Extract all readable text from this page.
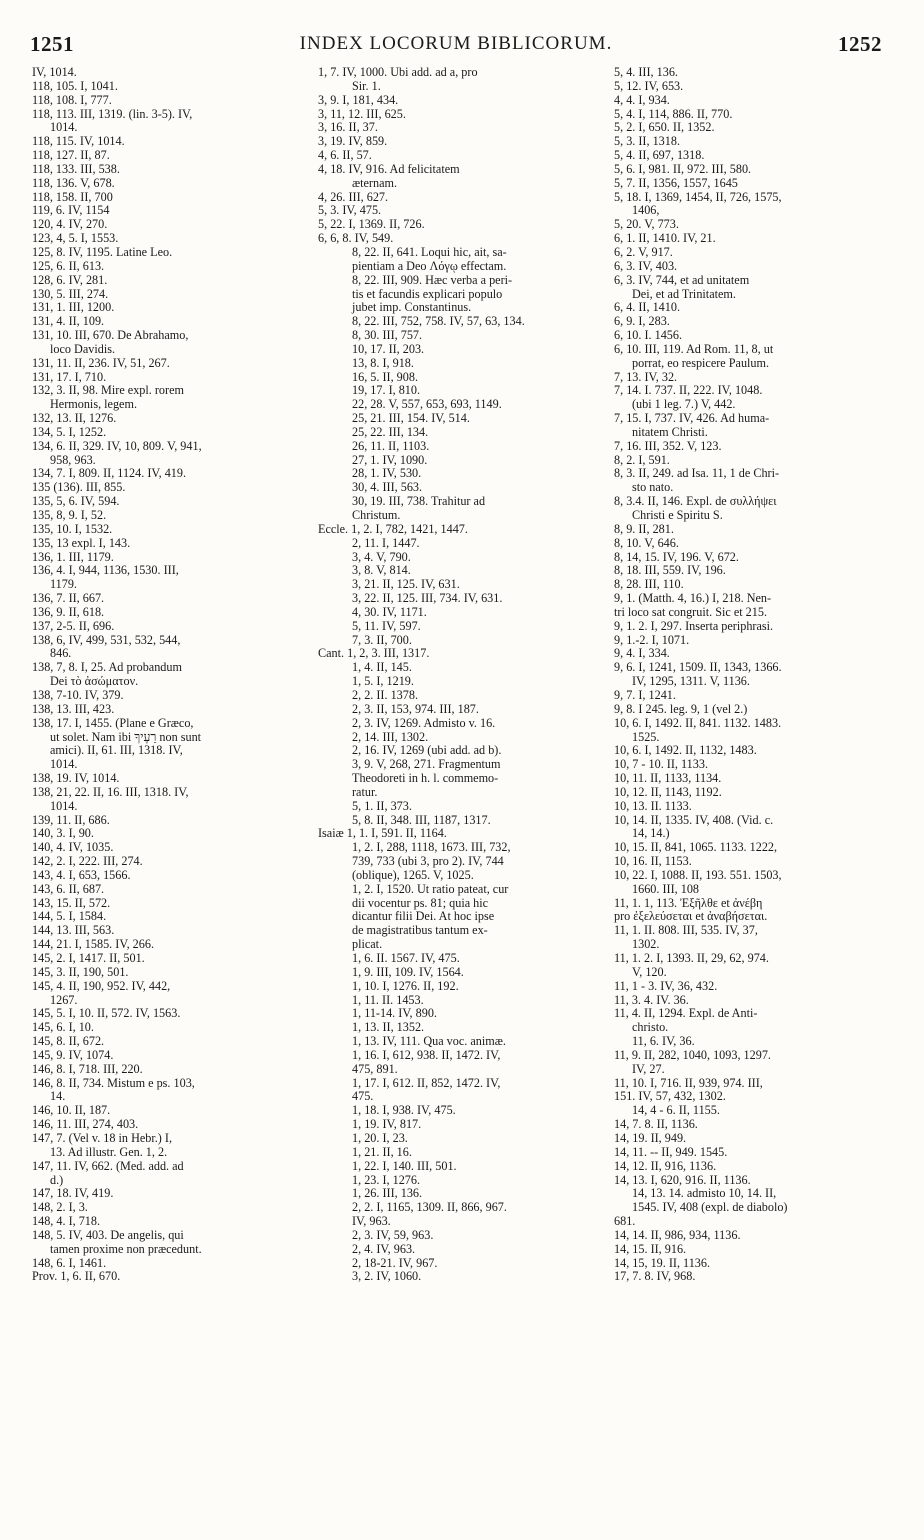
1251	INDEX LOCORUM BIBLICORUM.	1252
IV, 1014.
118, 105. I, 1041.
118, 108. I, 777.
118, 113. III, 1319. (lin. 3-5). IV,
1014.
118, 115. IV, 1014.
118, 127. II, 87.
118, 133. III, 538.
118, 136. V, 678.
118, 158. II, 700
119, 6. IV, 1154
120, 4. IV, 270.
123, 4, 5. I, 1553.
125, 8. IV, 1195. Latine Leo.
125, 6. II, 613.
128, 6. IV, 281.
130, 5. III, 274.
131, 1. III, 1200.
131, 4. II, 109.
131, 10. III, 670. De Abrahamo,
loco Davidis.
131, 11. II, 236. IV, 51, 267.
131, 17. I, 710.
132, 3. II, 98. Mire expl. rorem
Hermonis, legem.
132, 13. II, 1276.
134, 5. I, 1252.
134, 6. II, 329. IV, 10, 809. V, 941,
958, 963.
134, 7. I, 809. II, 1124. IV, 419.
135 (136). III, 855.
135, 5, 6. IV, 594.
135, 8, 9. I, 52.
135, 10. I, 1532.
135, 13 expl. I, 143.
136, 1. III, 1179.
136, 4. I, 944, 1136, 1530. III,
1179.
136, 7. II, 667.
136, 9. II, 618.
137, 2-5. II, 696.
138, 6, IV, 499, 531, 532, 544,
846.
138, 7, 8. I, 25. Ad probandum
Dei τὸ ἀσώματον.
138, 7-10. IV, 379.
138, 13. III, 423.
138, 17. I, 1455. (Plane e Græco,
ut solet. Nam ibi רֵעֶיךָ non sunt
amici). II, 61. III, 1318. IV,
1014.
138, 19. IV, 1014.
138, 21, 22. II, 16. III, 1318. IV,
1014.
139, 11. II, 686.
140, 3. I, 90.
140, 4. IV, 1035.
142, 2. I, 222. III, 274.
143, 4. I, 653, 1566.
143, 6. II, 687.
143, 15. II, 572.
144, 5. I, 1584.
144, 13. III, 563.
144, 21. I, 1585. IV, 266.
145, 2. I, 1417. II, 501.
145, 3. II, 190, 501.
145, 4. II, 190, 952. IV, 442,
1267.
145, 5. I, 10. II, 572. IV, 1563.
145, 6. I, 10.
145, 8. II, 672.
145, 9. IV, 1074.
146, 8. I, 718. III, 220.
146, 8. II, 734. Mistum e ps. 103,
14.
146, 10. II, 187.
146, 11. III, 274, 403.
147, 7. (Vel v. 18 in Hebr.) I,
13. Ad illustr. Gen. 1, 2.
147, 11. IV, 662. (Med. add. ad
d.)
147, 18. IV, 419.
148, 2. I, 3.
148, 4. I, 718.
148, 5. IV, 403. De angelis, qui
tamen proxime non præcedunt.
148, 6. I, 1461.
Prov. 1, 6. II, 670.
1, 7. IV, 1000. Ubi add. ad a, pro
Sir. 1.
3, 9. I, 181, 434.
3, 11, 12. III, 625.
3, 16. II, 37.
3, 19. IV, 859.
4, 6. II, 57.
4, 18. IV, 916. Ad felicitatem
æternam.
4, 26. III, 627.
5, 3. IV, 475.
5, 22. I, 1369. II, 726.
6, 6, 8. IV, 549.
8, 22. II, 641. Loqui hic, ait, sa-
pientiam a Deo Λόγῳ effectam.
8, 22. III, 909. Hæc verba a peri-
tis et facundis explicari populo
jubet imp. Constantinus.
8, 22. III, 752, 758. IV, 57, 63, 134.
8, 30. III, 757.
10, 17. II, 203.
13, 8. I, 918.
16, 5. II, 908.
19, 17. I, 810.
22, 28. V, 557, 653, 693, 1149.
25, 21. III, 154. IV, 514.
25, 22. III, 134.
26, 11. II, 1103.
27, 1. IV, 1090.
28, 1. IV, 530.
30, 4. III, 563.
30, 19. III, 738. Trahitur ad
Christum.
Eccle. 1, 2. I, 782, 1421, 1447.
2, 11. I, 1447.
3, 4. V, 790.
3, 8. V, 814.
3, 21. II, 125. IV, 631.
3, 22. II, 125. III, 734. IV, 631.
4, 30. IV, 1171.
5, 11. IV, 597.
7, 3. II, 700.
Cant. 1, 2, 3. III, 1317.
1, 4. II, 145.
1, 5. I, 1219.
2, 2. II. 1378.
2, 3. II, 153, 974. III, 187.
2, 3. IV, 1269. Admisto v. 16.
2, 14. III, 1302.
2, 16. IV, 1269 (ubi add. ad b).
3, 9. V, 268, 271. Fragmentum
Theodoreti in h. l. commemo-
ratur.
5, 1. II, 373.
5, 8. II, 348. III, 1187, 1317.
Isaiæ 1, 1. I, 591. II, 1164.
1, 2. I, 288, 1118, 1673. III, 732,
739, 733 (ubi 3, pro 2). IV, 744
(oblique), 1265. V, 1025.
1, 2. I, 1520. Ut ratio pateat, cur
dii vocentur ps. 81; quia hic
dicantur filii Dei. At hoc ipse
de magistratibus tantum ex-
plicat.
1, 6. II. 1567. IV, 475.
1, 9. III, 109. IV, 1564.
1, 10. I, 1276. II, 192.
1, 11. II. 1453.
1, 11-14. IV, 890.
1, 13. II, 1352.
1, 13. IV, 111. Qua voc. animæ.
1, 16. I, 612, 938. II, 1472. IV,
475, 891.
1, 17. I, 612. II, 852, 1472. IV,
475.
1, 18. I, 938. IV, 475.
1, 19. IV, 817.
1, 20. I, 23.
1, 21. II, 16.
1, 22. I, 140. III, 501.
1, 23. I, 1276.
1, 26. III, 136.
2, 2. I, 1165, 1309. II, 866, 967.
IV, 963.
2, 3. IV, 59, 963.
2, 4. IV, 963.
2, 18-21. IV, 967.
3, 2. IV, 1060.
5, 4. III, 136.
5, 12. IV, 653.
4, 4. I, 934.
5, 4. I, 114, 886. II, 770.
5, 2. I, 650. II, 1352.
5, 3. II, 1318.
5, 4. II, 697, 1318.
5, 6. I, 981. II, 972. III, 580.
5, 7. II, 1356, 1557, 1645
5, 18. I, 1369, 1454, II, 726, 1575,
1406,
5, 20. V, 773.
6, 1. II, 1410. IV, 21.
6, 2. V, 917.
6, 3. IV, 403.
6, 3. IV, 744, et ad unitatem
Dei, et ad Trinitatem.
6, 4. II, 1410.
6, 9. I, 283.
6, 10. I. 1456.
6, 10. III, 119. Ad Rom. 11, 8, ut
porrat, eo respicere Paulum.
7, 13. IV, 32.
7, 14. I. 737. II, 222. IV, 1048.
(ubi 1 leg. 7.) V, 442.
7, 15. I, 737. IV, 426. Ad huma-
nitatem Christi.
7, 16. III, 352. V, 123.
8, 2. I, 591.
8, 3. II, 249. ad Isa. 11, 1 de Chri-
sto nato.
8, 3.4. II, 146. Expl. de συλλήψει
Christi e Spiritu S.
8, 9. II, 281.
8, 10. V, 646.
8, 14, 15. IV, 196. V, 672.
8, 18. III, 559. IV, 196.
8, 28. III, 110.
9, 1. (Matth. 4, 16.) I, 218. Nen-
tri loco sat congruit. Sic et 215.
9, 1. 2. I, 297. Inserta periphrasi.
9, 1.-2. I, 1071.
9, 4. I, 334.
9, 6. I, 1241, 1509. II, 1343, 1366.
IV, 1295, 1311. V, 1136.
9, 7. I, 1241.
9, 8. I 245. leg. 9, 1 (vel 2.)
10, 6. I, 1492. II, 841. 1132. 1483.
1525.
10, 6. I, 1492. II, 1132, 1483.
10, 7 - 10. II, 1133.
10, 11. II, 1133, 1134.
10, 12. II, 1143, 1192.
10, 13. II. 1133.
10, 14. II, 1335. IV, 408. (Vid. c.
14, 14.)
10, 15. II, 841, 1065. 1133. 1222,
10, 16. II, 1153.
10, 22. I, 1088. II, 193. 551. 1503,
1660. III, 108
11, 1. 1, 113. Ἐξῆλθε et ἀνέβη
pro ἐξελεύσεται et ἀναβήσεται.
11, 1. II. 808. III, 535. IV, 37,
1302.
11, 1. 2. I, 1393. II, 29, 62, 974.
V, 120.
11, 1 - 3. IV, 36, 432.
11, 3. 4. IV. 36.
11, 4. II, 1294. Expl. de Anti-
christo.
11, 6. IV, 36.
11, 9. II, 282, 1040, 1093, 1297.
IV, 27.
11, 10. I, 716. II, 939, 974. III,
151. IV, 57, 432, 1302.
14, 4 - 6. II, 1155.
14, 7. 8. II, 1136.
14, 19. II, 949.
14, 11. -- II, 949. 1545.
14, 12. II, 916, 1136.
14, 13. I, 620, 916. II, 1136.
14, 13. 14. admisto 10, 14. II,
1545. IV, 408 (expl. de diabolo)
681.
14, 14. II, 986, 934, 1136.
14, 15. II, 916.
14, 15, 19. II, 1136.
17, 7. 8. IV, 968.
